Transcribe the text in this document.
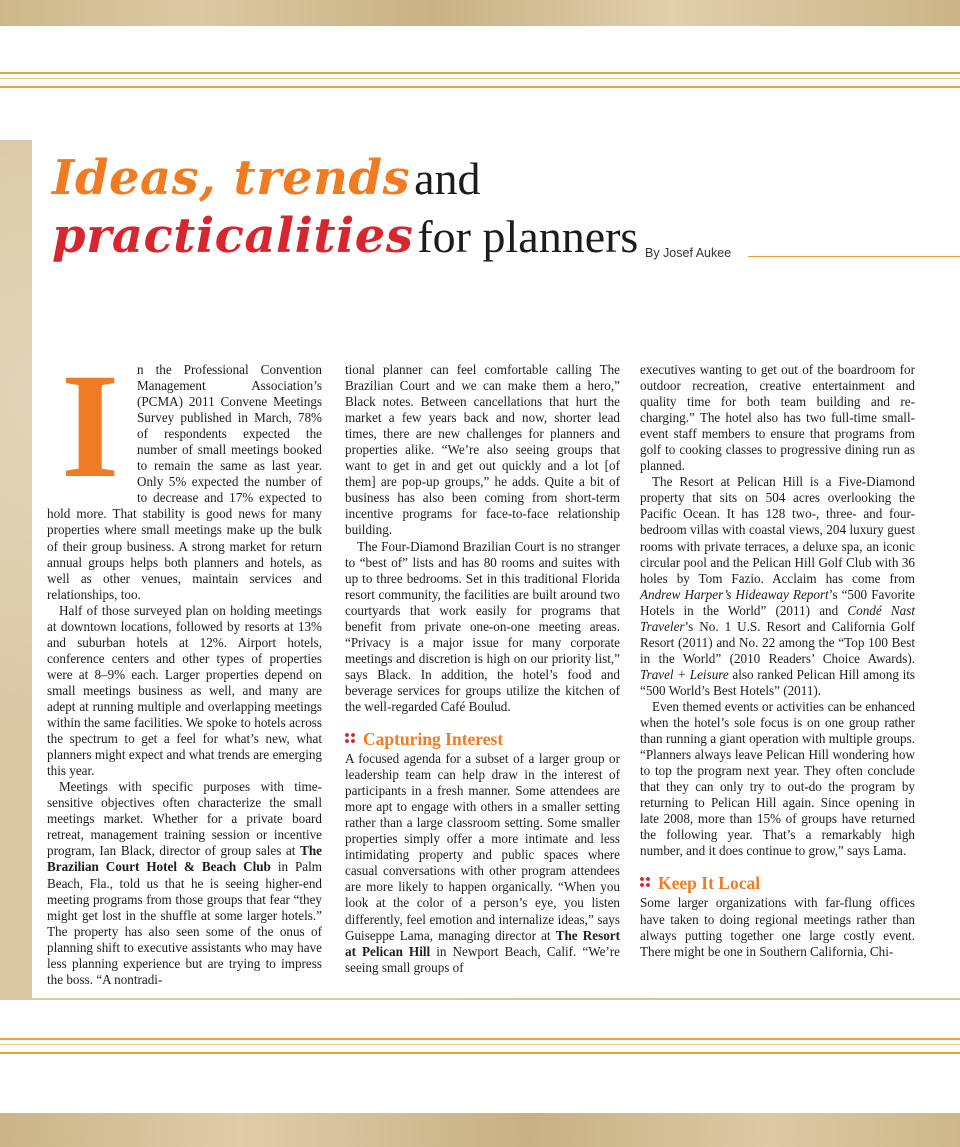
Ideas, trends and
practicalities for planners By Josef Aukee
I	n the Professional Convention Management Association’s (PCMA) 2011 Convene Meetings Survey published in March, 78% of respondents expected the number of small meetings booked to remain the same as last year. Only 5% expected the number of to decrease and 17% expected to hold more. That stability is good news for many properties where small meetings make up the bulk of their group business. A strong market for return annual groups helps both planners and hotels, as well as other venues, maintain services and relationships, too.

Half of those surveyed plan on holding meetings at downtown locations, followed by resorts at 13% and suburban hotels at 12%. Airport hotels, conference centers and other types of properties were at 8–9% each. Larger properties depend on small meetings business as well, and many are adept at running multiple and overlapping meetings within the same facilities. We spoke to hotels across the spectrum to get a feel for what’s new, what planners might expect and what trends are emerging this year.

Meetings with specific purposes with time-sensitive objectives often characterize the small meetings market. Whether for a private board retreat, management training session or incentive program, Ian Black, director of group sales at The Brazilian Court Hotel & Beach Club in Palm Beach, Fla., told us that he is seeing higher-end meeting programs from those groups that fear “they might get lost in the shuffle at some larger hotels.” The property has also seen some of the onus of planning shift to executive assistants who may have less planning experience but are trying to impress the boss. “A nontradi-

tional planner can feel comfortable calling The Brazilian Court and we can make them a hero,” Black notes. Between cancellations that hurt the market a few years back and now, shorter lead times, there are new challenges for planners and properties alike. “We’re also seeing groups that want to get in and get out quickly and a lot [of them] are pop-up groups,” he adds. Quite a bit of business has also been coming from short-term incentive programs for face-to-face relationship building.

The Four-Diamond Brazilian Court is no stranger to “best of” lists and has 80 rooms and suites with up to three bedrooms. Set in this traditional Florida resort community, the facilities are built around two courtyards that work easily for programs that benefit from private one-on-one meeting areas. “Privacy is a major issue for many corporate meetings and discretion is high on our priority list,” says Black. In addition, the hotel’s food and beverage services for groups utilize the kitchen of the well-regarded Café Boulud.

Capturing Interest

A focused agenda for a subset of a larger group or leadership team can help draw in the interest of participants in a fresh manner. Some attendees are more apt to engage with others in a smaller setting rather than a large classroom setting. Some smaller properties simply offer a more intimate and less intimidating property and public spaces where casual conversations with other program attendees are more likely to happen organically. “When you look at the color of a person’s eye, you listen differently, feel emotion and internalize ideas,” says Guiseppe Lama, managing director at The Resort at Pelican Hill in Newport Beach, Calif. “We’re seeing small groups of

executives wanting to get out of the boardroom for outdoor recreation, creative entertainment and quality time for both team building and re-charging.” The hotel also has two full-time small-event staff members to ensure that programs from golf to cooking classes to progressive dining run as planned.

The Resort at Pelican Hill is a Five-Diamond property that sits on 504 acres overlooking the Pacific Ocean. It has 128 two-, three- and four-bedroom villas with coastal views, 204 luxury guest rooms with private terraces, a deluxe spa, an iconic circular pool and the Pelican Hill Golf Club with 36 holes by Tom Fazio. Acclaim has come from Andrew Harper’s Hideaway Report’s “500 Favorite Hotels in the World” (2011) and Condé Nast Traveler’s No. 1 U.S. Resort and California Golf Resort (2011) and No. 22 among the “Top 100 Best in the World” (2010 Readers’ Choice Awards). Travel + Leisure also ranked Pelican Hill among its “500 World’s Best Hotels” (2011).

Even themed events or activities can be enhanced when the hotel’s sole focus is on one group rather than running a giant operation with multiple groups. “Planners always leave Pelican Hill wondering how to top the program next year. They often conclude that they can only try to out-do the program by returning to Pelican Hill again. Since opening in late 2008, more than 15% of groups have returned the following year. That’s a remarkably high number, and it does continue to grow,” says Lama.

Keep It Local

Some larger organizations with far-flung offices have taken to doing regional meetings rather than always putting together one large costly event. There might be one in Southern California, Chi-
